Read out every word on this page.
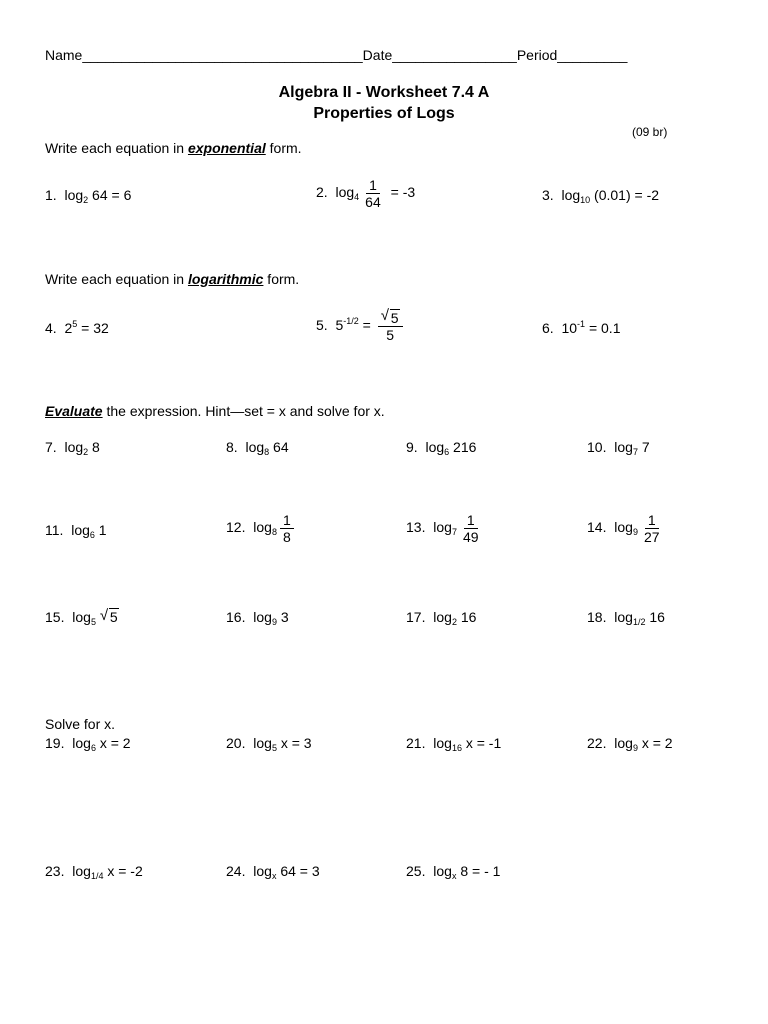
Name____________________________________Date________________Period_________
Algebra II - Worksheet 7.4 A
Properties of Logs
(09 br)
Write each equation in exponential form.
1. $\log_2 64 = 6$	2. $\log_4 \frac{1}{64} = -3$	3. $\log_{10} (0.01) = -2$
Write each equation in logarithmic form.
4. $2^5 = 32$	5. $5^{-1/2} = \frac{√ 5}{5}$	6. $10^{-1} = 0.1$
Evaluate the expression. Hint—set = x and solve for x.
7. $\log_2 8$	8. $\log_8 64$	9. $\log_6 216$	10. $\log_7 7$
11. $\log_6 1$	12. $\log_8 \frac{1}{8}$	13. $\log_7 \frac{1}{49}$	14. $\log_9 \frac{1}{27}$
15. $\log_5$ √ 5	16. $\log_9 3$	17. $\log_2 16$	18. $\log_{1/2} 16$
Solve for x.
19. $\log_6 x = 2$	20. $\log_5 x = 3$	21. $\log_{16} x = -1$	22. $\log_9 x = 2$
23. $\log_{1/4} x = -2$	24. $\log_x 64 = 3$	25. $\log_x 8$ = - 1
